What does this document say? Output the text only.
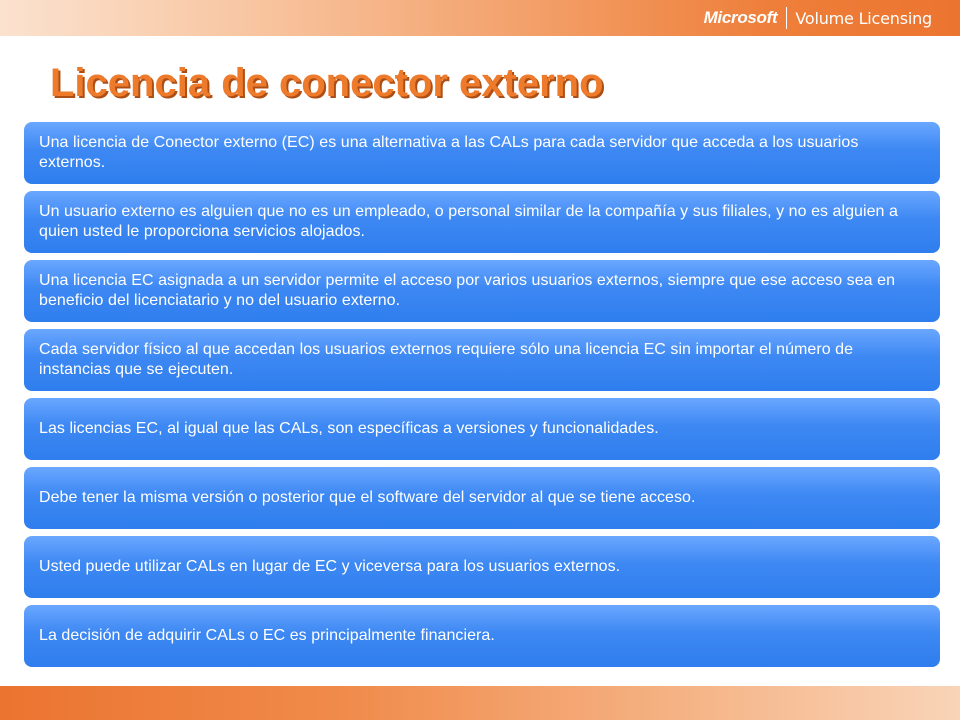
Microsoft Volume Licensing
Licencia de conector externo
Una licencia de Conector externo (EC) es una alternativa a las CALs para cada servidor que acceda a los usuarios externos.
Un usuario externo es alguien que no es un empleado, o personal similar de la compañía y sus filiales, y no es alguien a quien usted le proporciona servicios alojados.
Una licencia EC asignada a un servidor permite el acceso por varios usuarios externos, siempre que ese acceso sea en beneficio del licenciatario y no del usuario externo.
Cada servidor físico al que accedan los usuarios externos requiere sólo una licencia EC sin importar el número de instancias que se ejecuten.
Las licencias EC, al igual que las CALs, son específicas a versiones y funcionalidades.
Debe tener la misma versión o posterior que el software del servidor al que se tiene acceso.
Usted puede utilizar CALs en lugar de EC y viceversa para los usuarios externos.
La decisión de adquirir CALs o EC es principalmente financiera.
